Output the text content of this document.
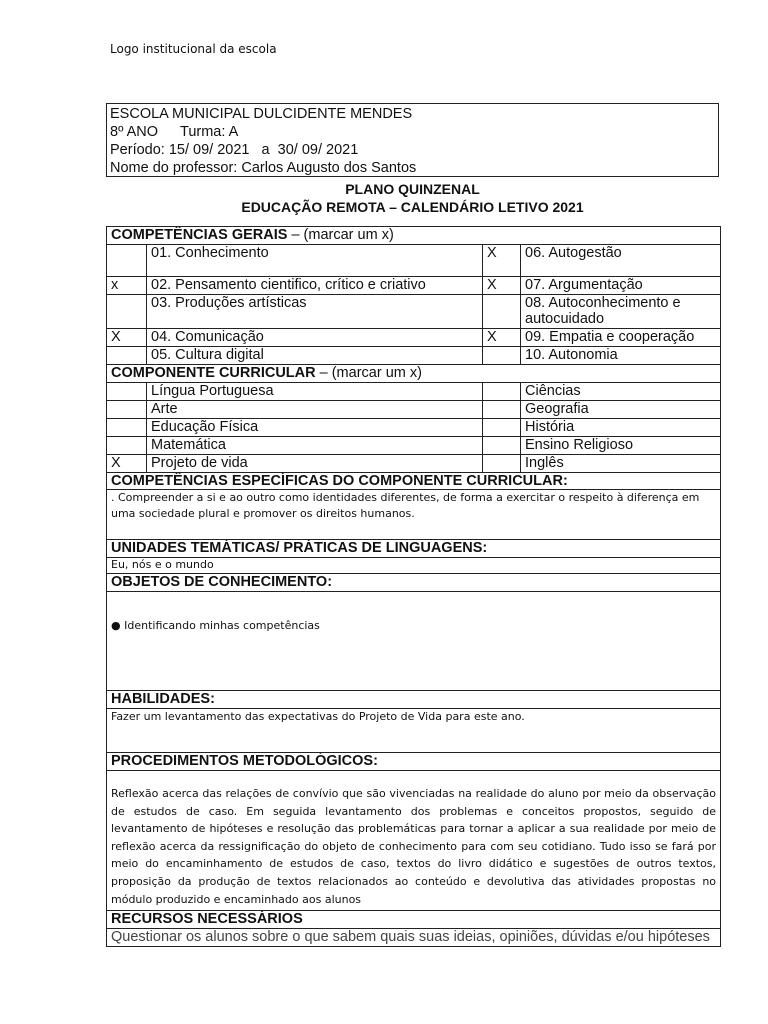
Logo institucional da escola
ESCOLA MUNICIPAL DULCIDENTE MENDES
8º ANO Turma: A
Período: 15/ 09/ 2021   a  30/ 09/ 2021
Nome do professor: Carlos Augusto dos Santos
PLANO QUINZENAL
EDUCAÇÃO REMOTA – CALENDÁRIO LETIVO 2021
COMPETÊNCIAS GERAIS – (marcar um x)			
	01. Conhecimento	X	06. Autogestão
x	02. Pensamento cientifico, crítico e criativo	X	07. Argumentação
	03. Produções artísticas		08. Autoconhecimento e autocuidado
X	04. Comunicação	X	09. Empatia e cooperação
	05. Cultura digital		10. Autonomia
COMPONENTE CURRICULAR – (marcar um x)			
	Língua Portuguesa		Ciências
	Arte		Geografia
	Educação Física		História
	Matemática		Ensino Religioso
X	Projeto de vida		Inglês
COMPETÊNCIAS ESPECÍFICAS DO COMPONENTE CURRICULAR:			
. Compreender a si e ao outro como identidades diferentes, de forma a exercitar o respeito à diferença em uma sociedade plural e promover os direitos humanos.			
UNIDADES TEMÁTICAS/ PRÁTICAS DE LINGUAGENS:			
Eu, nós e o mundo			
OBJETOS DE CONHECIMENTO:			
● Identificando minhas competências			
HABILIDADES:			
Fazer um levantamento das expectativas do Projeto de Vida para este ano.			
PROCEDIMENTOS METODOLÓGICOS:			
Reflexão acerca das relações de convívio que são vivenciadas na realidade do aluno por meio da observação de estudos de caso. Em seguida levantamento dos problemas e conceitos propostos, seguido de levantamento de hipóteses e resolução das problemáticas para tornar a aplicar a sua realidade por meio de reflexão acerca da ressignificação do objeto de conhecimento para com seu cotidiano. Tudo isso se fará por meio do encaminhamento de estudos de caso, textos do livro didático e sugestões de outros textos, proposição da produção de textos relacionados ao conteúdo e devolutiva das atividades propostas no módulo produzido e encaminhado aos alunos			
RECURSOS NECESSÁRIOS			
Questionar os alunos sobre o que sabem quais suas ideias, opiniões, dúvidas e/ou hipóteses			
